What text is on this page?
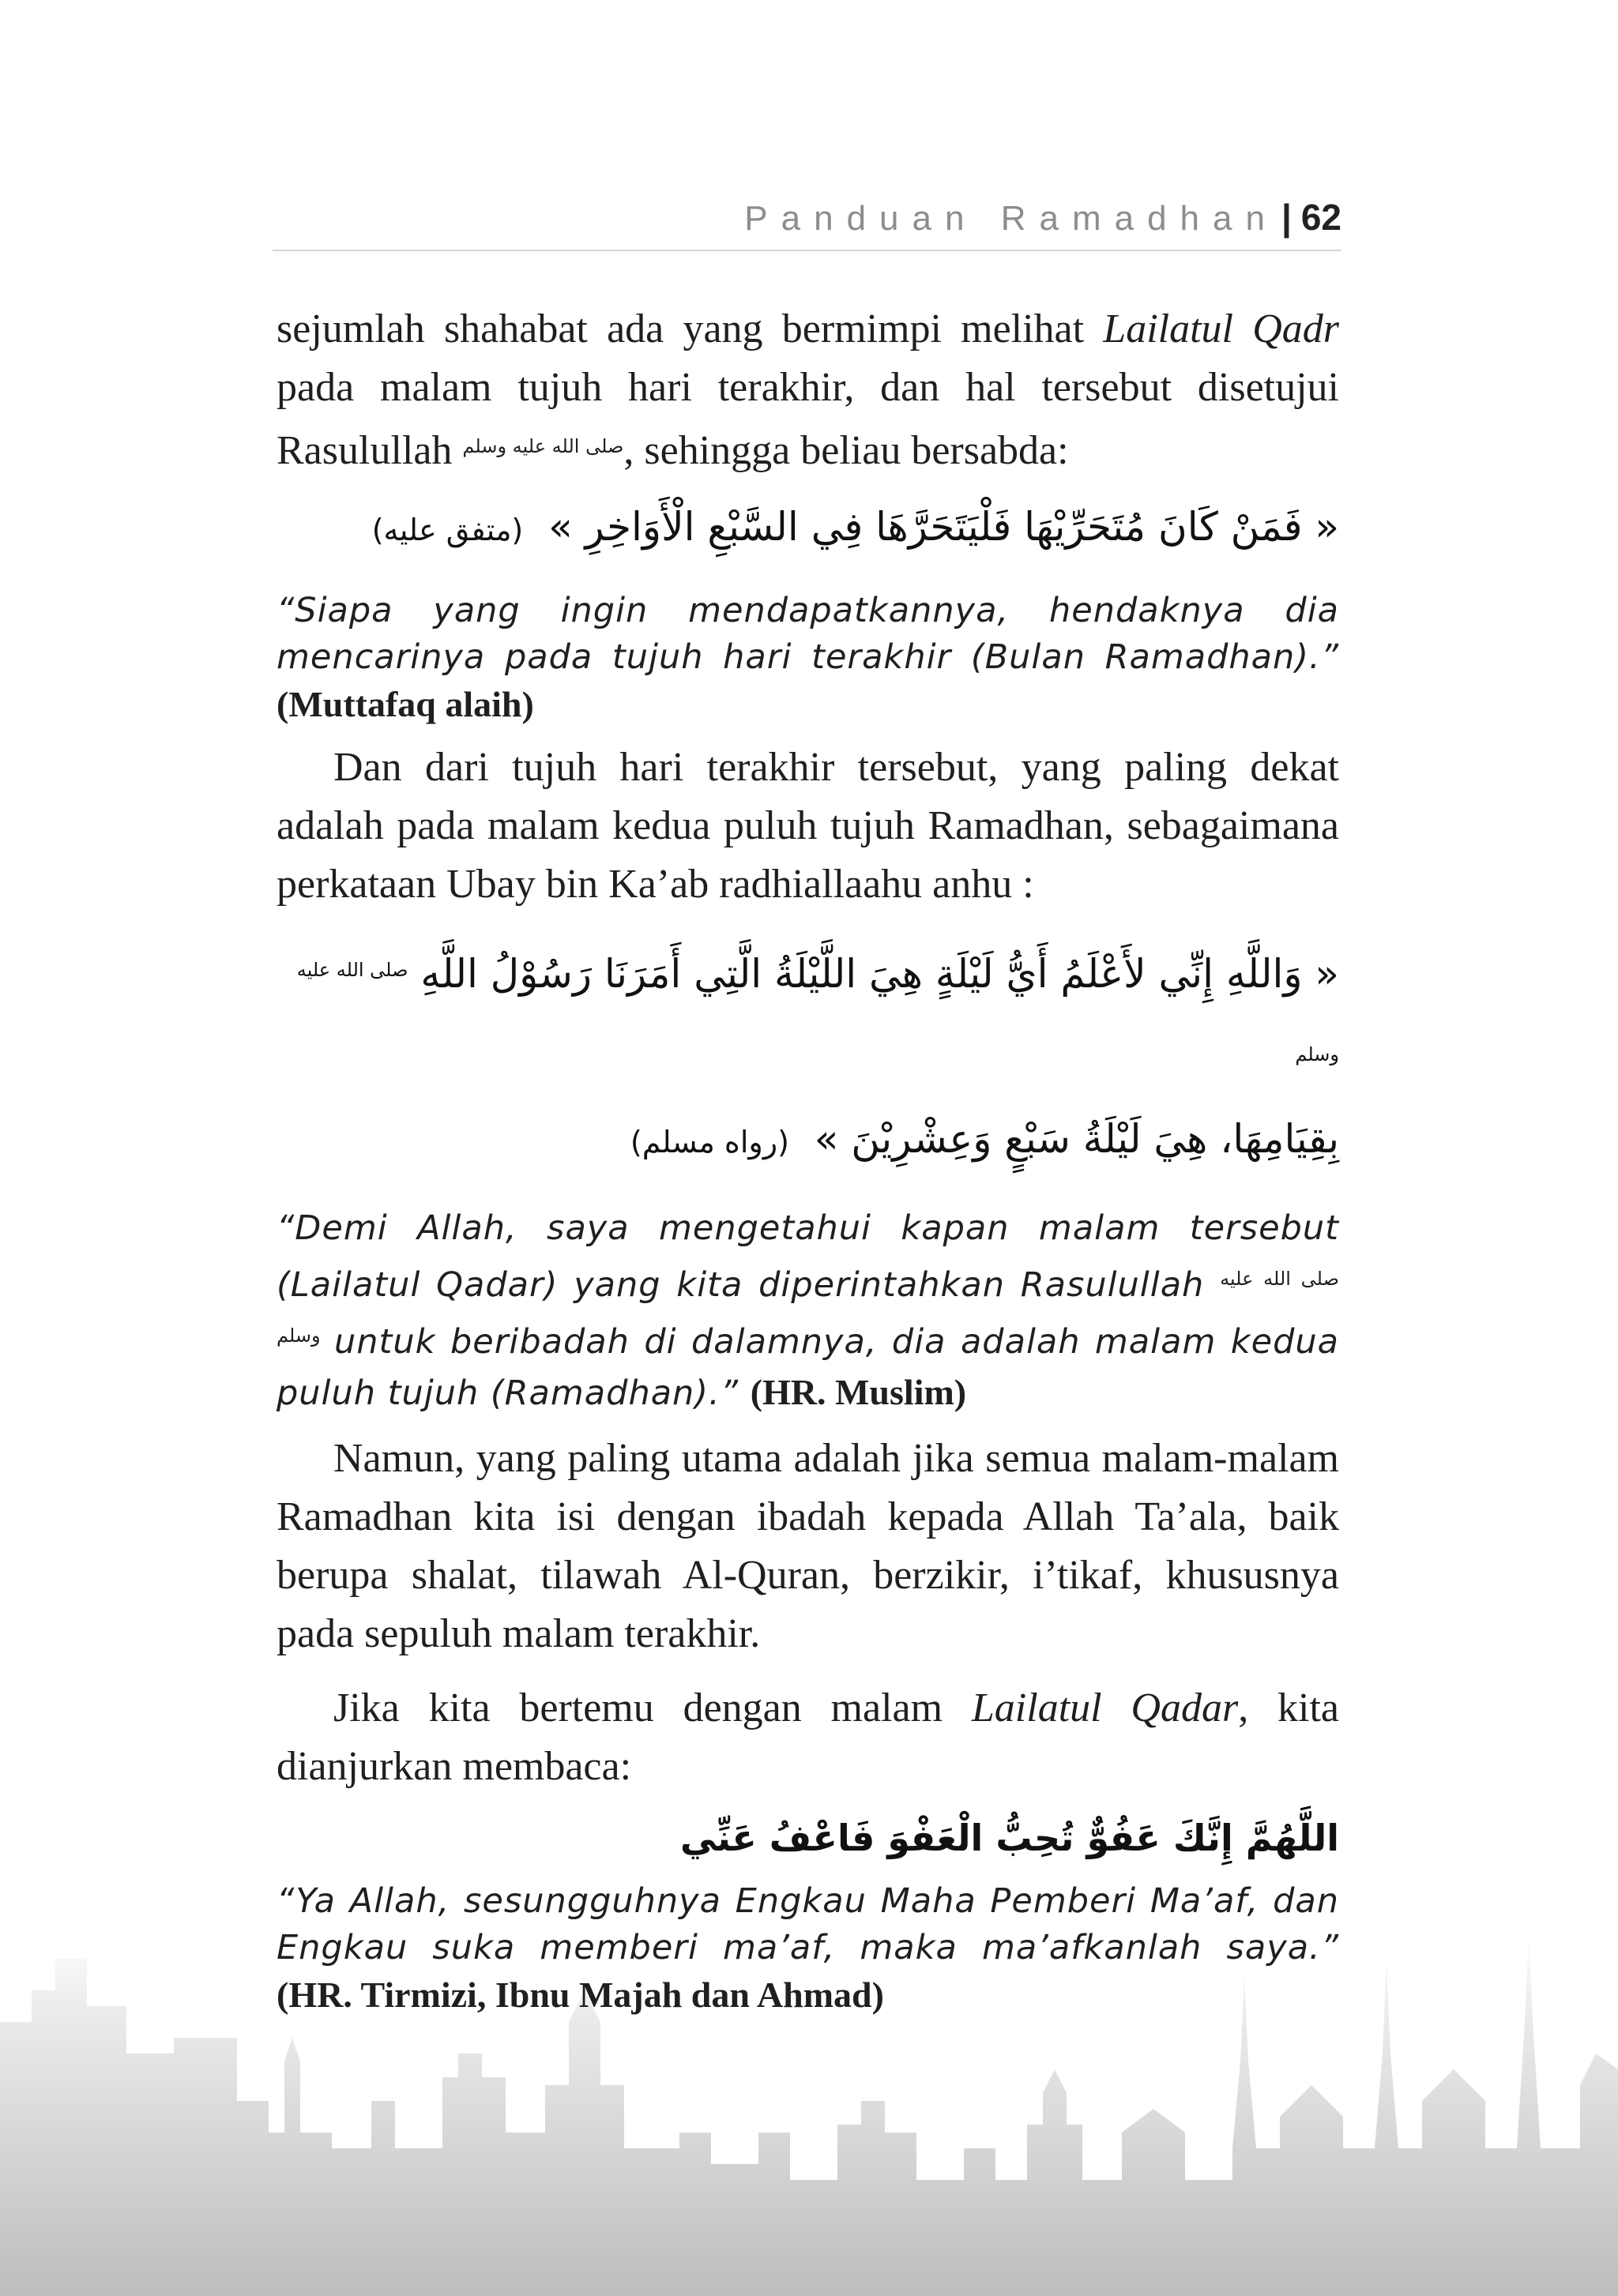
Panduan Ramadhan| 62

sejumlah shahabat ada yang bermimpi melihat Lailatul Qadr pada malam tujuh hari terakhir, dan hal tersebut disetujui Rasulullah $^{صلى الله عليه وسلم}$, sehingga beliau bersabda:

« فَمَنْ كَانَ مُتَحَرِّيْهَا فَلْيَتَحَرَّهَا فِي السَّبْعِ الْأَوَاخِرِ »  (متفق عليه)

“Siapa yang ingin mendapatkannya, hendaknya dia mencarinya pada tujuh hari terakhir (Bulan Ramadhan).” (Muttafaq alaih)

Dan dari tujuh hari terakhir tersebut, yang paling dekat adalah pada malam kedua puluh tujuh Ramadhan, sebagaimana perkataan Ubay bin Ka’ab radhiallaahu anhu :

« وَاللَّهِ إِنِّي لأَعْلَمُ أَيُّ لَيْلَةٍ هِيَ اللَّيْلَةُ الَّتِي أَمَرَنَا رَسُوْلُ اللَّهِ $^{صلى الله عليه وسلم}$
بِقِيَامِهَا، هِيَ لَيْلَةُ سَبْعٍ وَعِشْرِيْنَ »  (رواه مسلم)

“Demi Allah, saya mengetahui kapan malam tersebut (Lailatul Qadar) yang kita diperintahkan Rasulullah $^{صلى الله عليه وسلم}$ untuk beribadah di dalamnya, dia adalah malam kedua puluh tujuh (Ramadhan).” (HR. Muslim)

Namun, yang paling utama adalah jika semua malam-malam Ramadhan kita isi dengan ibadah kepada Allah Ta’ala, baik berupa shalat, tilawah Al-Quran, berzikir, i’tikaf, khususnya pada sepuluh malam terakhir.

Jika kita bertemu dengan malam Lailatul Qadar, kita dianjurkan membaca:

اللَّهُمَّ إِنَّكَ عَفُوٌّ تُحِبُّ الْعَفْوَ فَاعْفُ عَنِّي

“Ya Allah, sesungguhnya Engkau Maha Pemberi Ma’af, dan Engkau suka memberi ma’af, maka ma’afkanlah saya.” (HR. Tirmizi, Ibnu Majah dan Ahmad)
